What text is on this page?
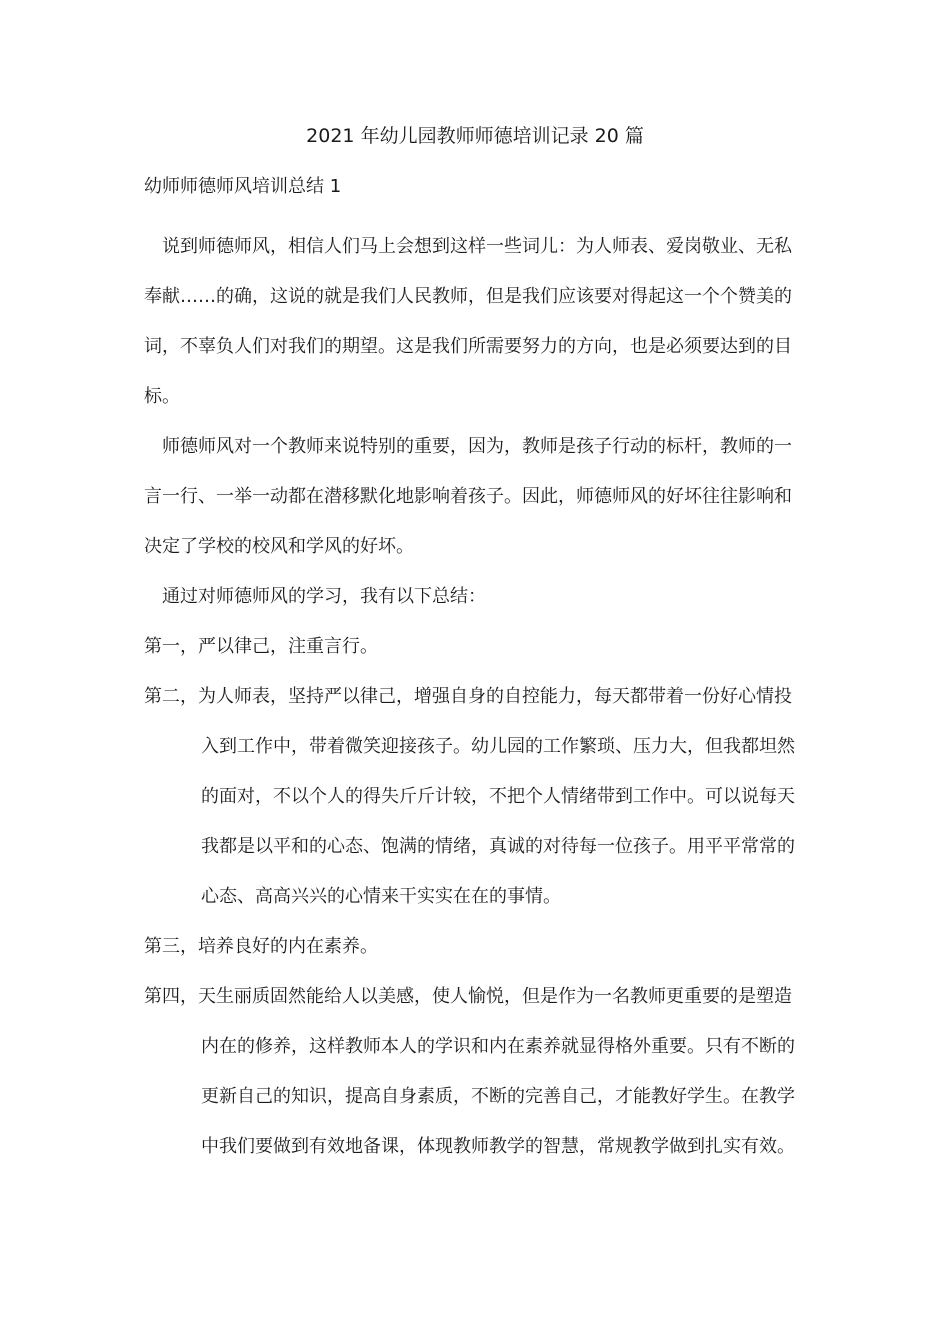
2021 年幼儿园教师师德培训记录 20 篇
幼师师德师风培训总结 1

说到师德师风，相信人们马上会想到这样一些词儿：为人师表、爱岗敬业、无私奉献……的确，这说的就是我们人民教师，但是我们应该要对得起这一个个赞美的词，不辜负人们对我们的期望。这是我们所需要努力的方向，也是必须要达到的目标。

师德师风对一个教师来说特别的重要，因为，教师是孩子行动的标杆，教师的一言一行、一举一动都在潜移默化地影响着孩子。因此，师德师风的好坏往往影响和决定了学校的校风和学风的好坏。

通过对师德师风的学习，我有以下总结：

第一，严以律己，注重言行。

第二，为人师表，坚持严以律己，增强自身的自控能力，每天都带着一份好心情投入到工作中，带着微笑迎接孩子。幼儿园的工作繁琐、压力大，但我都坦然的面对，不以个人的得失斤斤计较，不把个人情绪带到工作中。可以说每天我都是以平和的心态、饱满的情绪，真诚的对待每一位孩子。用平平常常的心态、高高兴兴的心情来干实实在在的事情。

第三，培养良好的内在素养。

第四，天生丽质固然能给人以美感，使人愉悦，但是作为一名教师更重要的是塑造内在的修养，这样教师本人的学识和内在素养就显得格外重要。只有不断的更新自己的知识，提高自身素质，不断的完善自己，才能教好学生。在教学中我们要做到有效地备课，体现教师教学的智慧，常规教学做到扎实有效。
